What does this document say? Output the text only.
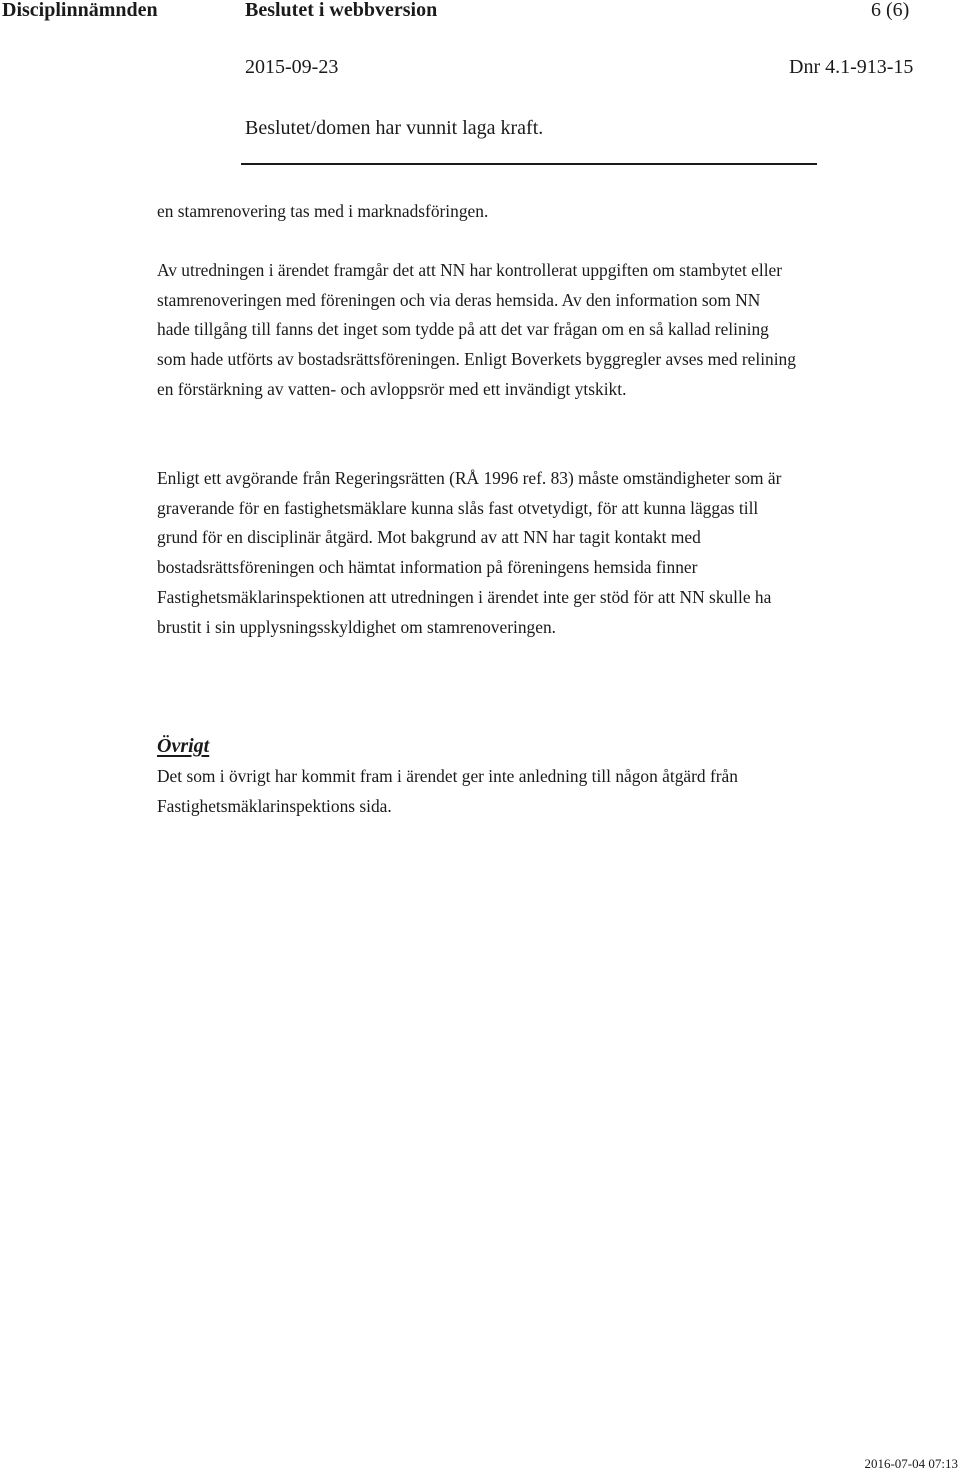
Disciplinnämnden	Beslutet i webbversion	6 (6)
2015-09-23	Dnr 4.1-913-15
Beslutet/domen har vunnit laga kraft.

en stamrenovering tas med i marknadsföringen.

Av utredningen i ärendet framgår det att NN har kontrollerat uppgiften om stambytet eller stamrenoveringen med föreningen och via deras hemsida. Av den information som NN hade tillgång till fanns det inget som tydde på att det var frågan om en så kallad relining som hade utförts av bostadsrättsföreningen. Enligt Boverkets byggregler avses med relining en förstärkning av vatten- och avloppsrör med ett invändigt ytskikt.

Enligt ett avgörande från Regeringsrätten (RÅ 1996 ref. 83) måste omständigheter som är graverande för en fastighetsmäklare kunna slås fast otvetydigt, för att kunna läggas till grund för en disciplinär åtgärd. Mot bakgrund av att NN har tagit kontakt med bostadsrättsföreningen och hämtat information på föreningens hemsida finner Fastighetsmäklarinspektionen att utredningen i ärendet inte ger stöd för att NN skulle ha brustit i sin upplysningsskyldighet om stamrenoveringen.

Övrigt

Det som i övrigt har kommit fram i ärendet ger inte anledning till någon åtgärd från Fastighetsmäklarinspektions sida.

2016-07-04 07:13
